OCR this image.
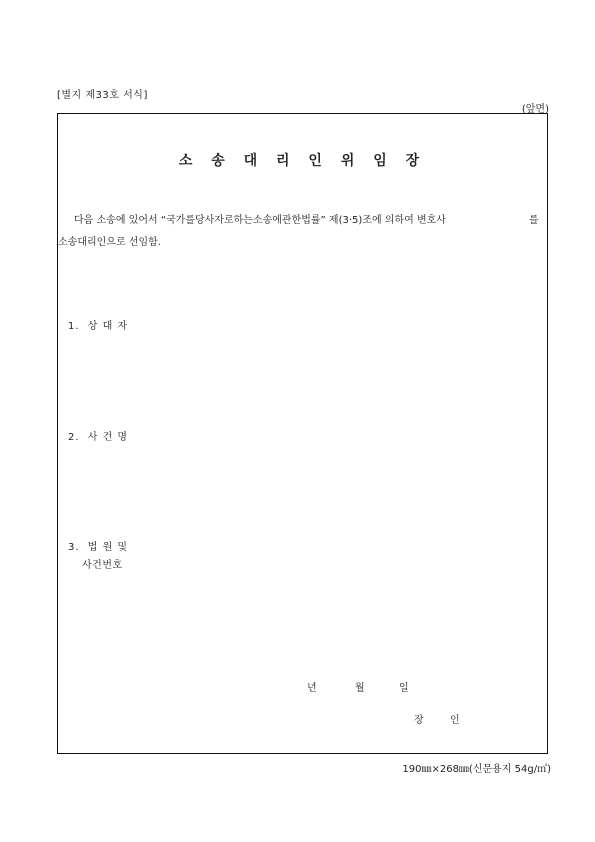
[별지 제33호 서식]
(앞면)
소 송 대 리 인 위 임 장
다음 소송에 있어서 “국가를당사자로하는소송에관한법률” 제(3·5)조에 의하여 변호사	를
소송대리인으로 선임함.
1. 상 대 자
2. 사 건 명
3. 법 원 및
사건번호
년	월	일
장	인
190㎜×268㎜(신문용지 54g/㎡)
